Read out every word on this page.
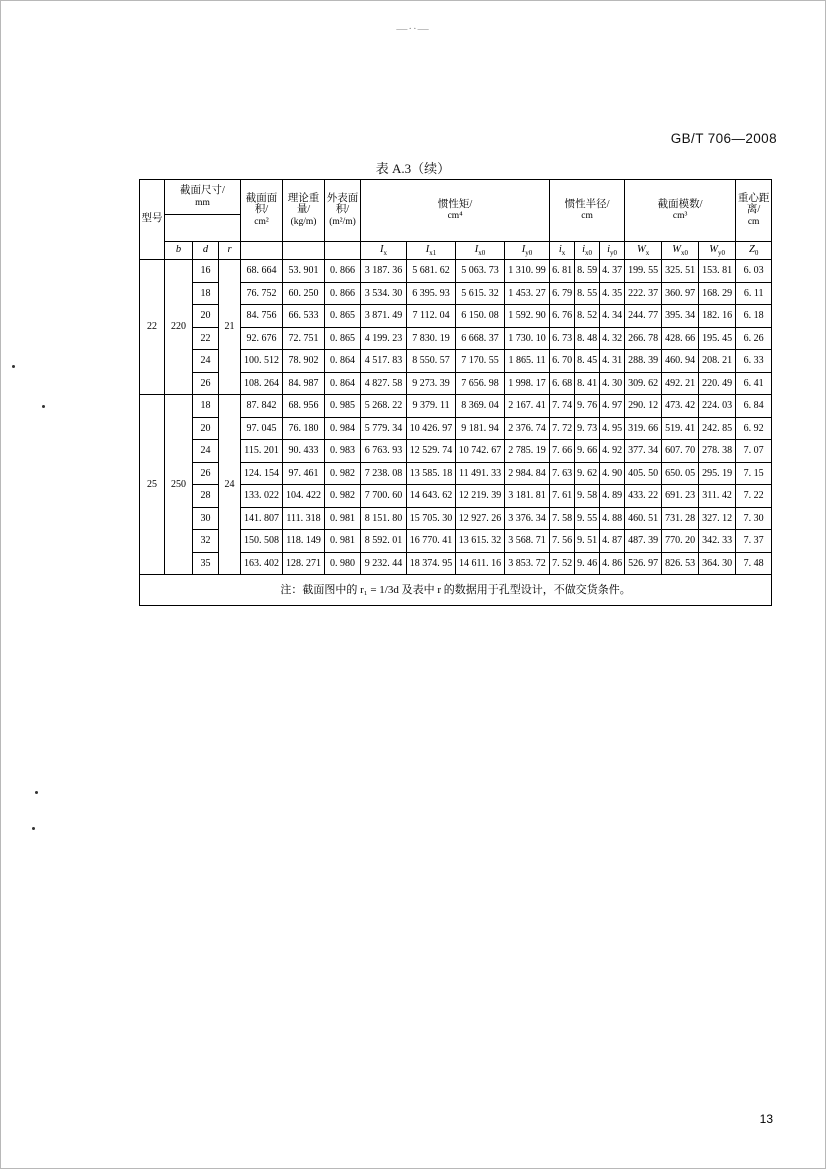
—··—
GB/T 706—2008
表 A.3（续）
型号	截面尺寸/
mm			截面面积/
cm²	理论重量/
(kg/m)	外表面积/
(m²/m)	惯性矩/
cm⁴				惯性半径/
cm			截面模数/
cm³			重心距离/
cm

	b	d	r				$I_x$	$I_{x1}$	$I_{x0}$	$I_{y0}$	$i_x$	$i_{x0}$	$i_{y0}$	$W_x$	$W_{x0}$	$W_{y0}$	$Z_0$
22	220	16	21	68. 664	53. 901	0. 866	3 187. 36	5 681. 62	5 063. 73	1 310. 99	6. 81	8. 59	4. 37	199. 55	325. 51	153. 81	6. 03
		18		76. 752	60. 250	0. 866	3 534. 30	6 395. 93	5 615. 32	1 453. 27	6. 79	8. 55	4. 35	222. 37	360. 97	168. 29	6. 11
		20		84. 756	66. 533	0. 865	3 871. 49	7 112. 04	6 150. 08	1 592. 90	6. 76	8. 52	4. 34	244. 77	395. 34	182. 16	6. 18
		22		92. 676	72. 751	0. 865	4 199. 23	7 830. 19	6 668. 37	1 730. 10	6. 73	8. 48	4. 32	266. 78	428. 66	195. 45	6. 26
		24		100. 512	78. 902	0. 864	4 517. 83	8 550. 57	7 170. 55	1 865. 11	6. 70	8. 45	4. 31	288. 39	460. 94	208. 21	6. 33
		26		108. 264	84. 987	0. 864	4 827. 58	9 273. 39	7 656. 98	1 998. 17	6. 68	8. 41	4. 30	309. 62	492. 21	220. 49	6. 41
25	250	18	24	87. 842	68. 956	0. 985	5 268. 22	9 379. 11	8 369. 04	2 167. 41	7. 74	9. 76	4. 97	290. 12	473. 42	224. 03	6. 84
		20		97. 045	76. 180	0. 984	5 779. 34	10 426. 97	9 181. 94	2 376. 74	7. 72	9. 73	4. 95	319. 66	519. 41	242. 85	6. 92
		24		115. 201	90. 433	0. 983	6 763. 93	12 529. 74	10 742. 67	2 785. 19	7. 66	9. 66	4. 92	377. 34	607. 70	278. 38	7. 07
		26		124. 154	97. 461	0. 982	7 238. 08	13 585. 18	11 491. 33	2 984. 84	7. 63	9. 62	4. 90	405. 50	650. 05	295. 19	7. 15
		28		133. 022	104. 422	0. 982	7 700. 60	14 643. 62	12 219. 39	3 181. 81	7. 61	9. 58	4. 89	433. 22	691. 23	311. 42	7. 22
		30		141. 807	111. 318	0. 981	8 151. 80	15 705. 30	12 927. 26	3 376. 34	7. 58	9. 55	4. 88	460. 51	731. 28	327. 12	7. 30
		32		150. 508	118. 149	0. 981	8 592. 01	16 770. 41	13 615. 32	3 568. 71	7. 56	9. 51	4. 87	487. 39	770. 20	342. 33	7. 37
		35		163. 402	128. 271	0. 980	9 232. 44	18 374. 95	14 611. 16	3 853. 72	7. 52	9. 46	4. 86	526. 97	826. 53	364. 30	7. 48
注：截面图中的 r₁ = 1/3d 及表中 r 的数据用于孔型设计，不做交货条件。																	
13
